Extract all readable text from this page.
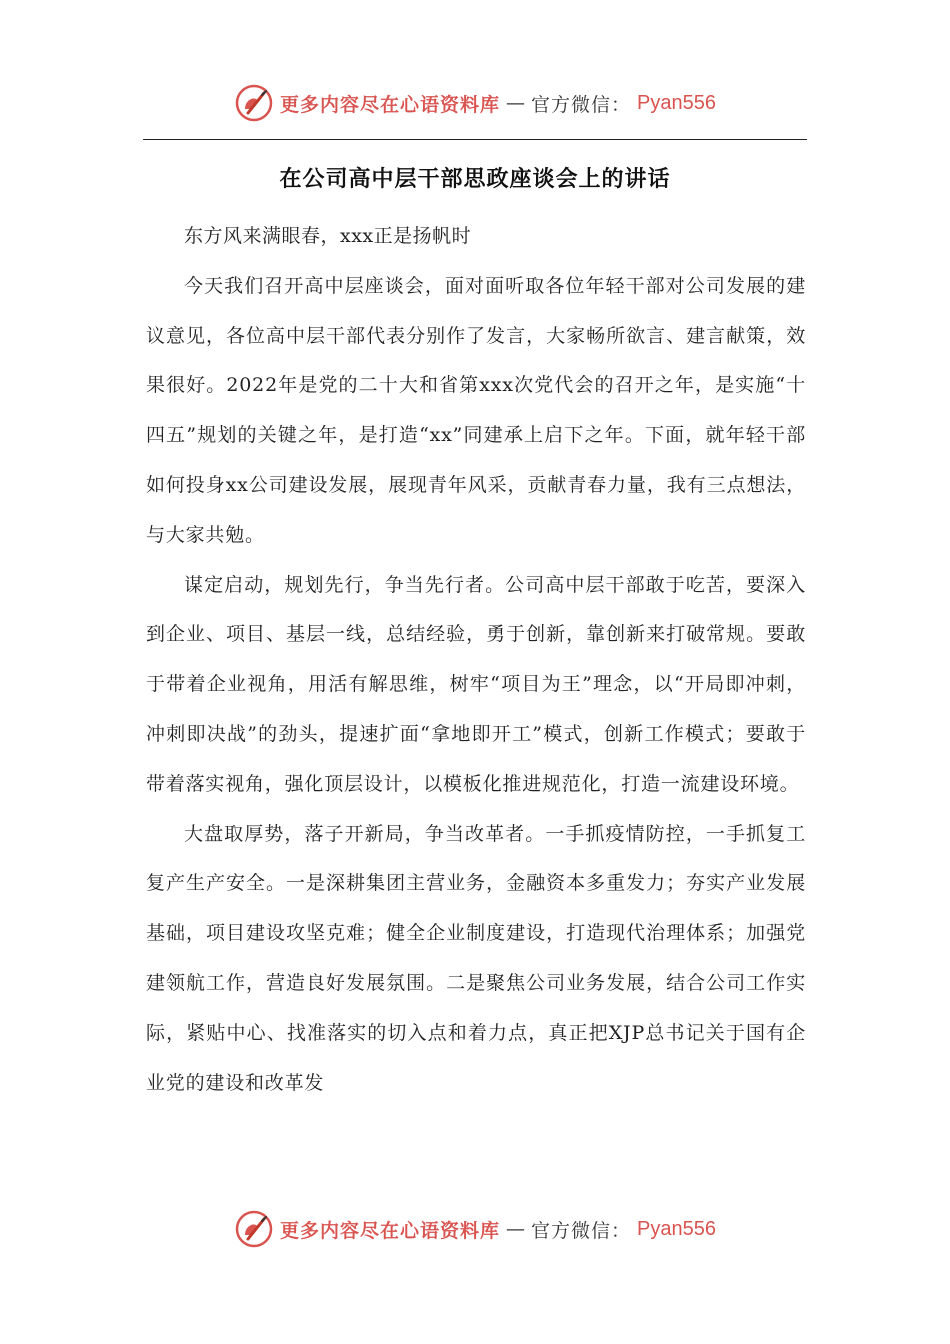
更多内容尽在心语资料库 — 官方微信： Pyan556
在公司高中层干部思政座谈会上的讲话

东方风来满眼春，xxx正是扬帆时

今天我们召开高中层座谈会，面对面听取各位年轻干部对公司发展的建议意见，各位高中层干部代表分别作了发言，大家畅所欲言、建言献策，效果很好。2022年是党的二十大和省第xxx次党代会的召开之年，是实施“十四五”规划的关键之年，是打造“xx”同建承上启下之年。下面，就年轻干部如何投身xx公司建设发展，展现青年风采，贡献青春力量，我有三点想法，与大家共勉。

谋定启动，规划先行，争当先行者。公司高中层干部敢于吃苦，要深入到企业、项目、基层一线，总结经验，勇于创新，靠创新来打破常规。要敢于带着企业视角，用活有解思维，树牢“项目为王”理念，以“开局即冲刺，冲刺即决战”的劲头，提速扩面“拿地即开工”模式，创新工作模式；要敢于带着落实视角，强化顶层设计，以模板化推进规范化，打造一流建设环境。

大盘取厚势，落子开新局，争当改革者。一手抓疫情防控，一手抓复工复产生产安全。一是深耕集团主营业务，金融资本多重发力；夯实产业发展基础，项目建设攻坚克难；健全企业制度建设，打造现代治理体系；加强党建领航工作，营造良好发展氛围。二是聚焦公司业务发展，结合公司工作实际，紧贴中心、找准落实的切入点和着力点，真正把XJP总书记关于国有企业党的建设和改革发

更多内容尽在心语资料库 — 官方微信： Pyan556
